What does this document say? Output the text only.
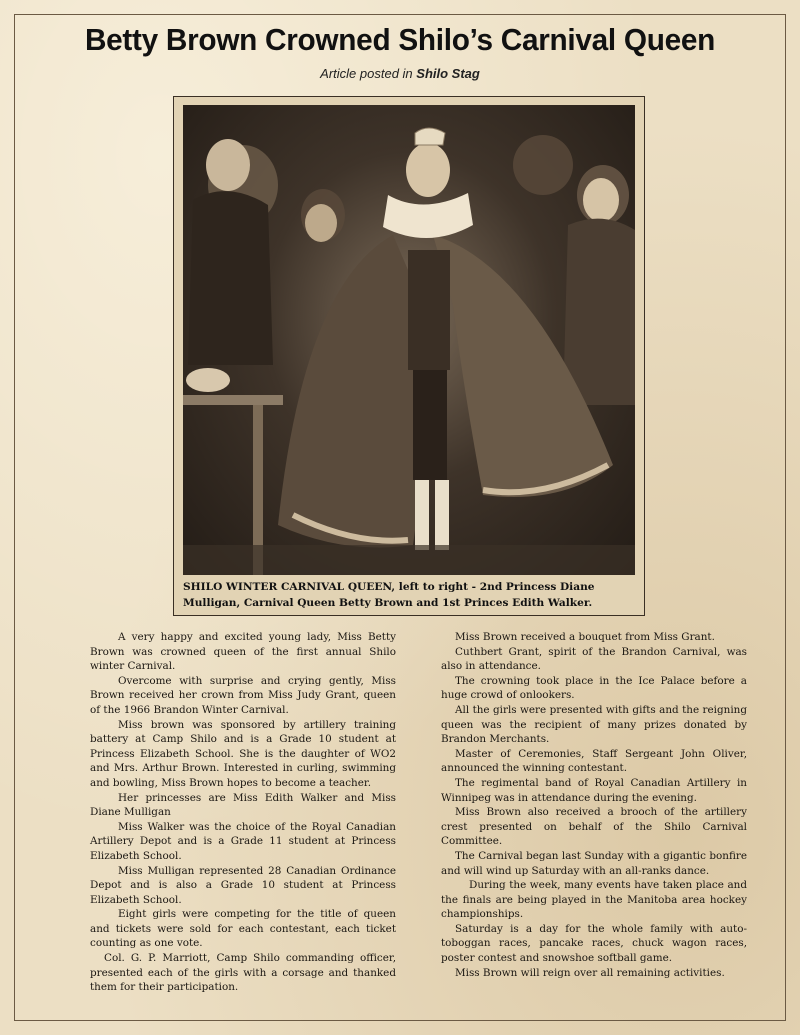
Betty Brown Crowned Shilo’s Carnival Queen
Article posted in Shilo Stag
SHILO WINTER CARNIVAL QUEEN, left to right - 2nd Princess Diane
Mulligan, Carnival Queen Betty Brown and 1st Princes Edith Walker.

A very happy and excited young lady, Miss Betty Brown was crowned queen of the first annual Shilo winter Carnival.

Overcome with surprise and crying gently, Miss Brown received her crown from Miss Judy Grant, queen of the 1966 Brandon Winter Carnival.

Miss brown was sponsored by artillery training battery at Camp Shilo and is a Grade 10 student at Princess Elizabeth School. She is the daughter of WO2 and Mrs. Arthur Brown. Interested in curling, swimming and bowling, Miss Brown hopes to become a teacher.

Her princesses are Miss Edith Walker and Miss Diane Mulligan

Miss Walker was the choice of the Royal Canadian Artillery Depot and is a Grade 11 student at Princess Elizabeth School.

Miss Mulligan represented 28 Canadian Ordinance Depot and is also a Grade 10 student at Princess Elizabeth School.

Eight girls were competing for the title of queen and tickets were sold for each contestant, each ticket counting as one vote.

Col. G. P. Marriott, Camp Shilo commanding officer, presented each of the girls with a corsage and thanked them for their participation.

Miss Brown received a bouquet from Miss Grant.

Cuthbert Grant, spirit of the Brandon Carnival, was also in attendance.

The crowning took place in the Ice Palace before a huge crowd of onlookers.

All the girls were presented with gifts and the reigning queen was the recipient of many prizes donated by Brandon Merchants.

Master of Ceremonies, Staff Sergeant John Oliver, announced the winning contestant.

The regimental band of Royal Canadian Artillery in Winnipeg was in attendance during the evening.

Miss Brown also received a brooch of the artillery crest presented on behalf of the Shilo Carnival Committee.

The Carnival began last Sunday with a gigantic bonfire and will wind up Saturday with an all-ranks dance.

During the week, many events have taken place and the finals are being played in the Manitoba area hockey championships.

Saturday is a day for the whole family with auto-toboggan races, pancake races, chuck wagon races, poster contest and snowshoe softball game.

Miss Brown will reign over all remaining activities.
